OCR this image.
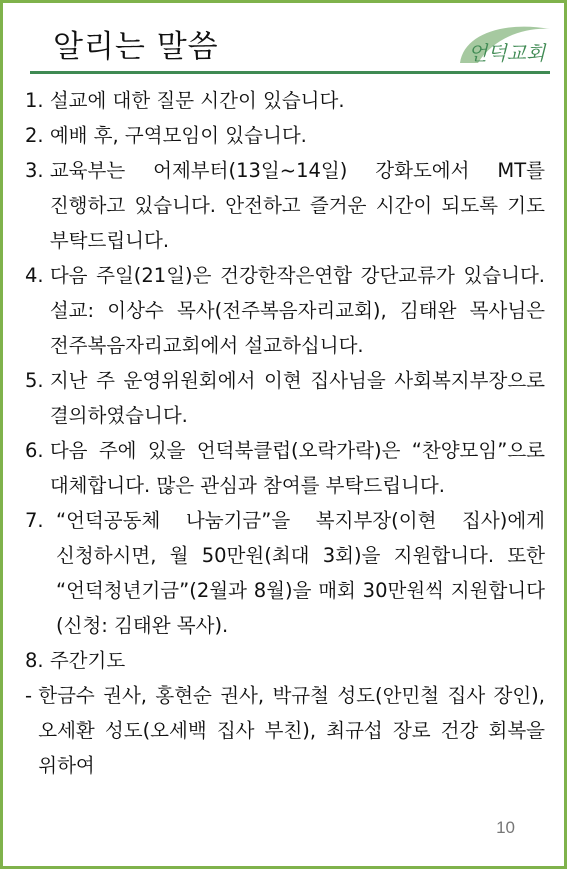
알리는 말씀	언덕교회
1. 설교에 대한 질문 시간이 있습니다.
2. 예배 후, 구역모임이 있습니다.
3. 교육부는 어제부터(13일~14일) 강화도에서 MT를 진행하고 있습니다. 안전하고 즐거운 시간이 되도록 기도 부탁드립니다.
4. 다음 주일(21일)은 건강한작은연합 강단교류가 있습니다. 설교: 이상수 목사(전주복음자리교회), 김태완 목사님은 전주복음자리교회에서 설교하십니다.
5. 지난 주 운영위원회에서 이현 집사님을 사회복지부장으로 결의하였습니다.
6. 다음 주에 있을 언덕북클럽(오락가락)은 “찬양모임”으로 대체합니다. 많은 관심과 참여를 부탁드립니다.
7. “언덕공동체 나눔기금”을 복지부장(이현 집사)에게 신청하시면, 월 50만원(최대 3회)을 지원합니다. 또한 “언덕청년기금”(2월과 8월)을 매회 30만원씩 지원합니다(신청: 김태완 목사).
8. 주간기도
- 한금수 권사, 홍현순 권사, 박규철 성도(안민철 집사 장인), 오세환 성도(오세백 집사 부친), 최규섭 장로 건강 회복을 위하여
10
